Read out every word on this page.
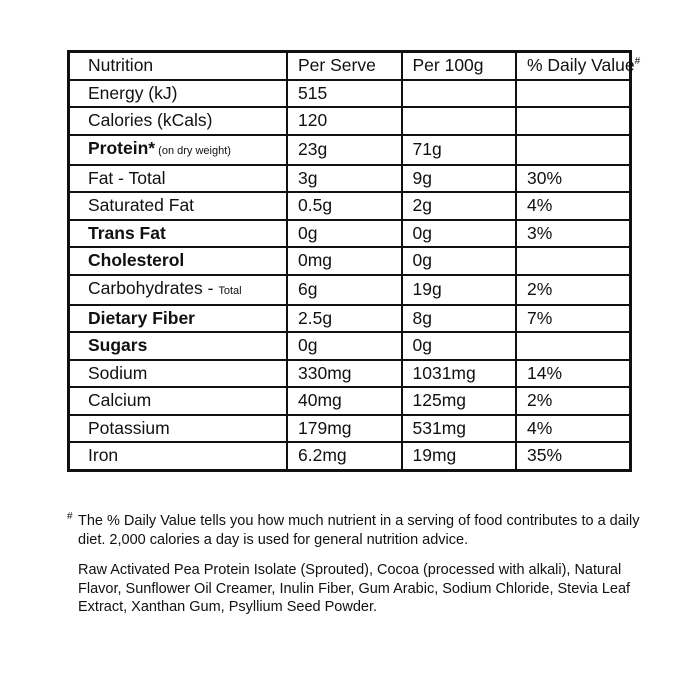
Nutrition	Per Serve	Per 100g	% Daily Value#
Energy (kJ)	515		
Calories (kCals)	120		
Protein* (on dry weight)	23g	71g	
Fat - Total	3g	9g	30%
Saturated Fat	0.5g	2g	4%
Trans Fat	0g	0g	3%
Cholesterol	0mg	0g	
Carbohydrates - Total	6g	19g	2%
Dietary Fiber	2.5g	8g	7%
Sugars	0g	0g	
Sodium	330mg	1031mg	14%
Calcium	40mg	125mg	2%
Potassium	179mg	531mg	4%
Iron	6.2mg	19mg	35%
# The % Daily Value tells you how much nutrient in a serving of food contributes to a daily diet. 2,000 calories a day is used for general nutrition advice.
Raw Activated Pea Protein Isolate (Sprouted), Cocoa (processed with alkali), Natural Flavor, Sunflower Oil Creamer, Inulin Fiber, Gum Arabic, Sodium Chloride, Stevia Leaf Extract, Xanthan Gum, Psyllium Seed Powder.
